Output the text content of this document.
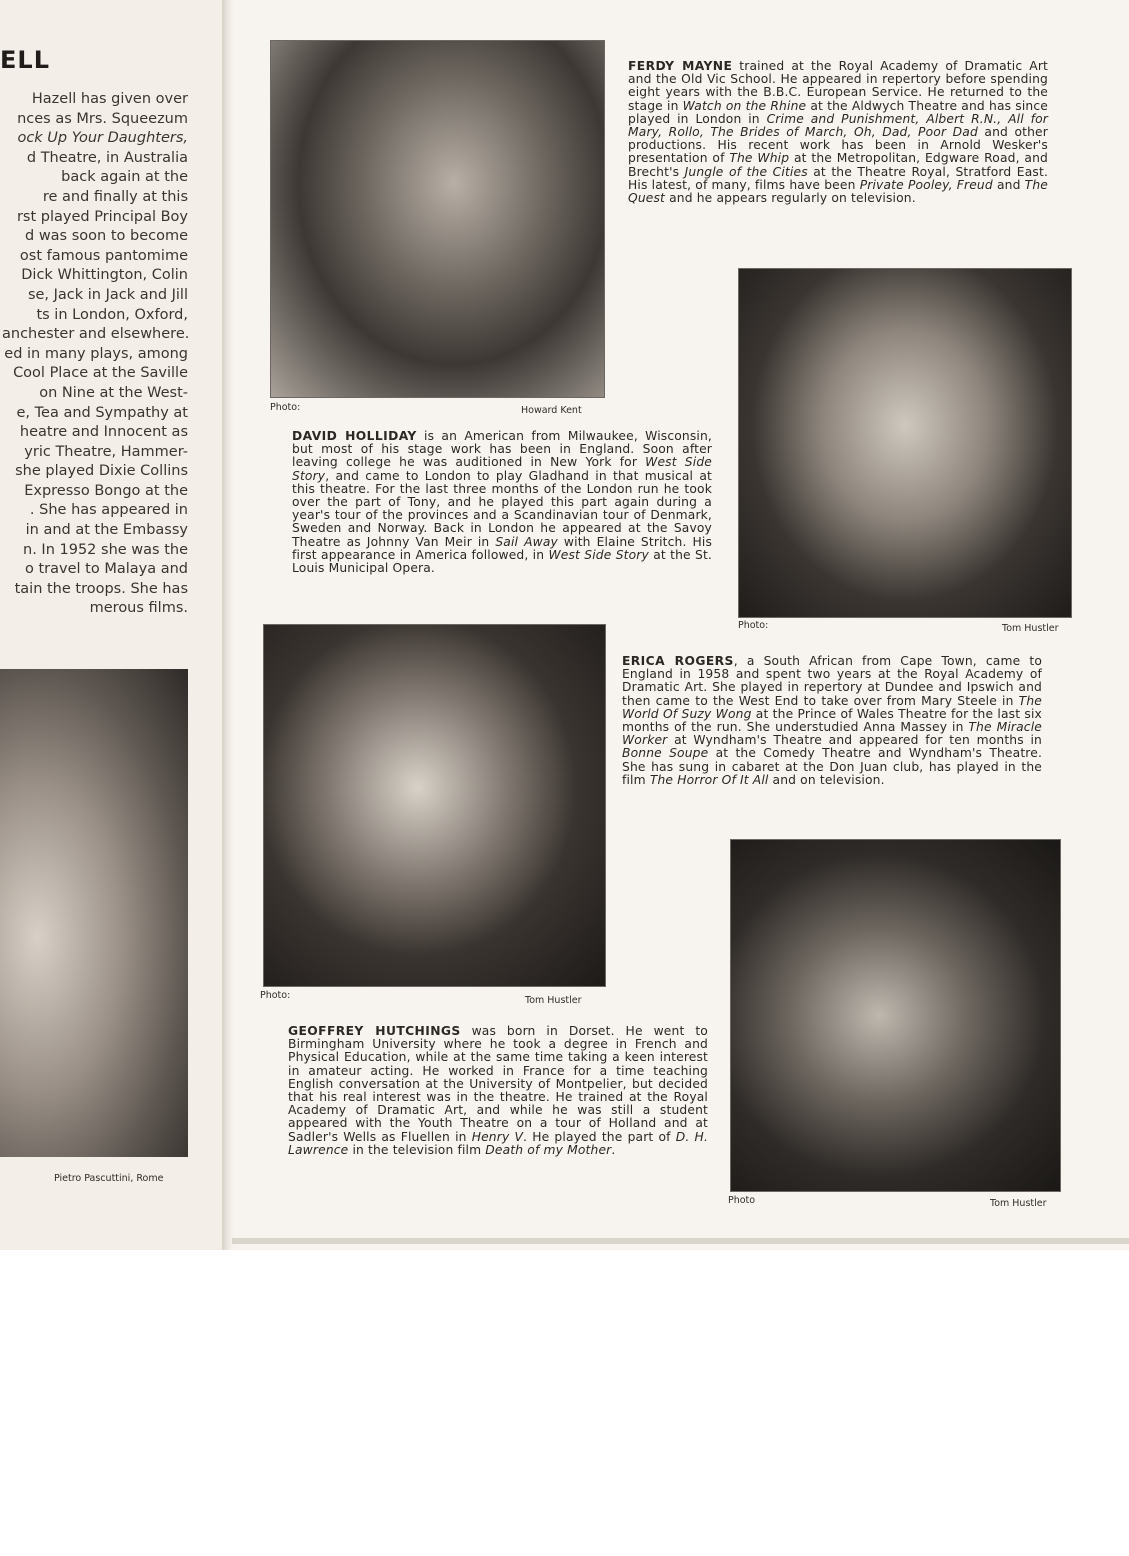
ELL
Hazell has given over
nces as Mrs. Squeezum
ock Up Your Daughters,
d Theatre, in Australia
back again at the
re and finally at this
rst played Principal Boy
d was soon to become
ost famous pantomime
Dick Whittington, Colin
se, Jack in Jack and Jill
ts in London, Oxford,
anchester and elsewhere.
ed in many plays, among
Cool Place at the Saville
on Nine at the West-
e, Tea and Sympathy at
heatre and Innocent as
yric Theatre, Hammer-
she played Dixie Collins
Expresso Bongo at the
. She has appeared in
in and at the Embassy
n. In 1952 she was the
o travel to Malaya and
tain the troops. She has
merous films.
Pietro Pascuttini, Rome
Photo:	Howard Kent
FERDY MAYNE trained at the Royal Academy of Dramatic Art and the Old Vic School. He appeared in repertory before spending eight years with the B.B.C. European Service. He returned to the stage in Watch on the Rhine at the Aldwych Theatre and has since played in London in Crime and Punishment, Albert R.N., All for Mary, Rollo, The Brides of March, Oh, Dad, Poor Dad and other productions. His recent work has been in Arnold Wesker's presentation of The Whip at the Metropolitan, Edgware Road, and Brecht's Jungle of the Cities at the Theatre Royal, Stratford East. His latest, of many, films have been Private Pooley, Freud and The Quest and he appears regularly on television.
Photo:	Tom Hustler
DAVID HOLLIDAY is an American from Milwaukee, Wisconsin, but most of his stage work has been in England. Soon after leaving college he was auditioned in New York for West Side Story, and came to London to play Gladhand in that musical at this theatre. For the last three months of the London run he took over the part of Tony, and he played this part again during a year's tour of the provinces and a Scandinavian tour of Denmark, Sweden and Norway. Back in London he appeared at the Savoy Theatre as Johnny Van Meir in Sail Away with Elaine Stritch. His first appearance in America followed, in West Side Story at the St. Louis Municipal Opera.
Photo:	Tom Hustler
ERICA ROGERS, a South African from Cape Town, came to England in 1958 and spent two years at the Royal Academy of Dramatic Art. She played in repertory at Dundee and Ipswich and then came to the West End to take over from Mary Steele in The World Of Suzy Wong at the Prince of Wales Theatre for the last six months of the run. She understudied Anna Massey in The Miracle Worker at Wyndham's Theatre and appeared for ten months in Bonne Soupe at the Comedy Theatre and Wyndham's Theatre. She has sung in cabaret at the Don Juan club, has played in the film The Horror Of It All and on television.
Photo	Tom Hustler
GEOFFREY HUTCHINGS was born in Dorset. He went to Birmingham University where he took a degree in French and Physical Education, while at the same time taking a keen interest in amateur acting. He worked in France for a time teaching English conversation at the University of Montpelier, but decided that his real interest was in the theatre. He trained at the Royal Academy of Dramatic Art, and while he was still a student appeared with the Youth Theatre on a tour of Holland and at Sadler's Wells as Fluellen in Henry V. He played the part of D. H. Lawrence in the television film Death of my Mother.
